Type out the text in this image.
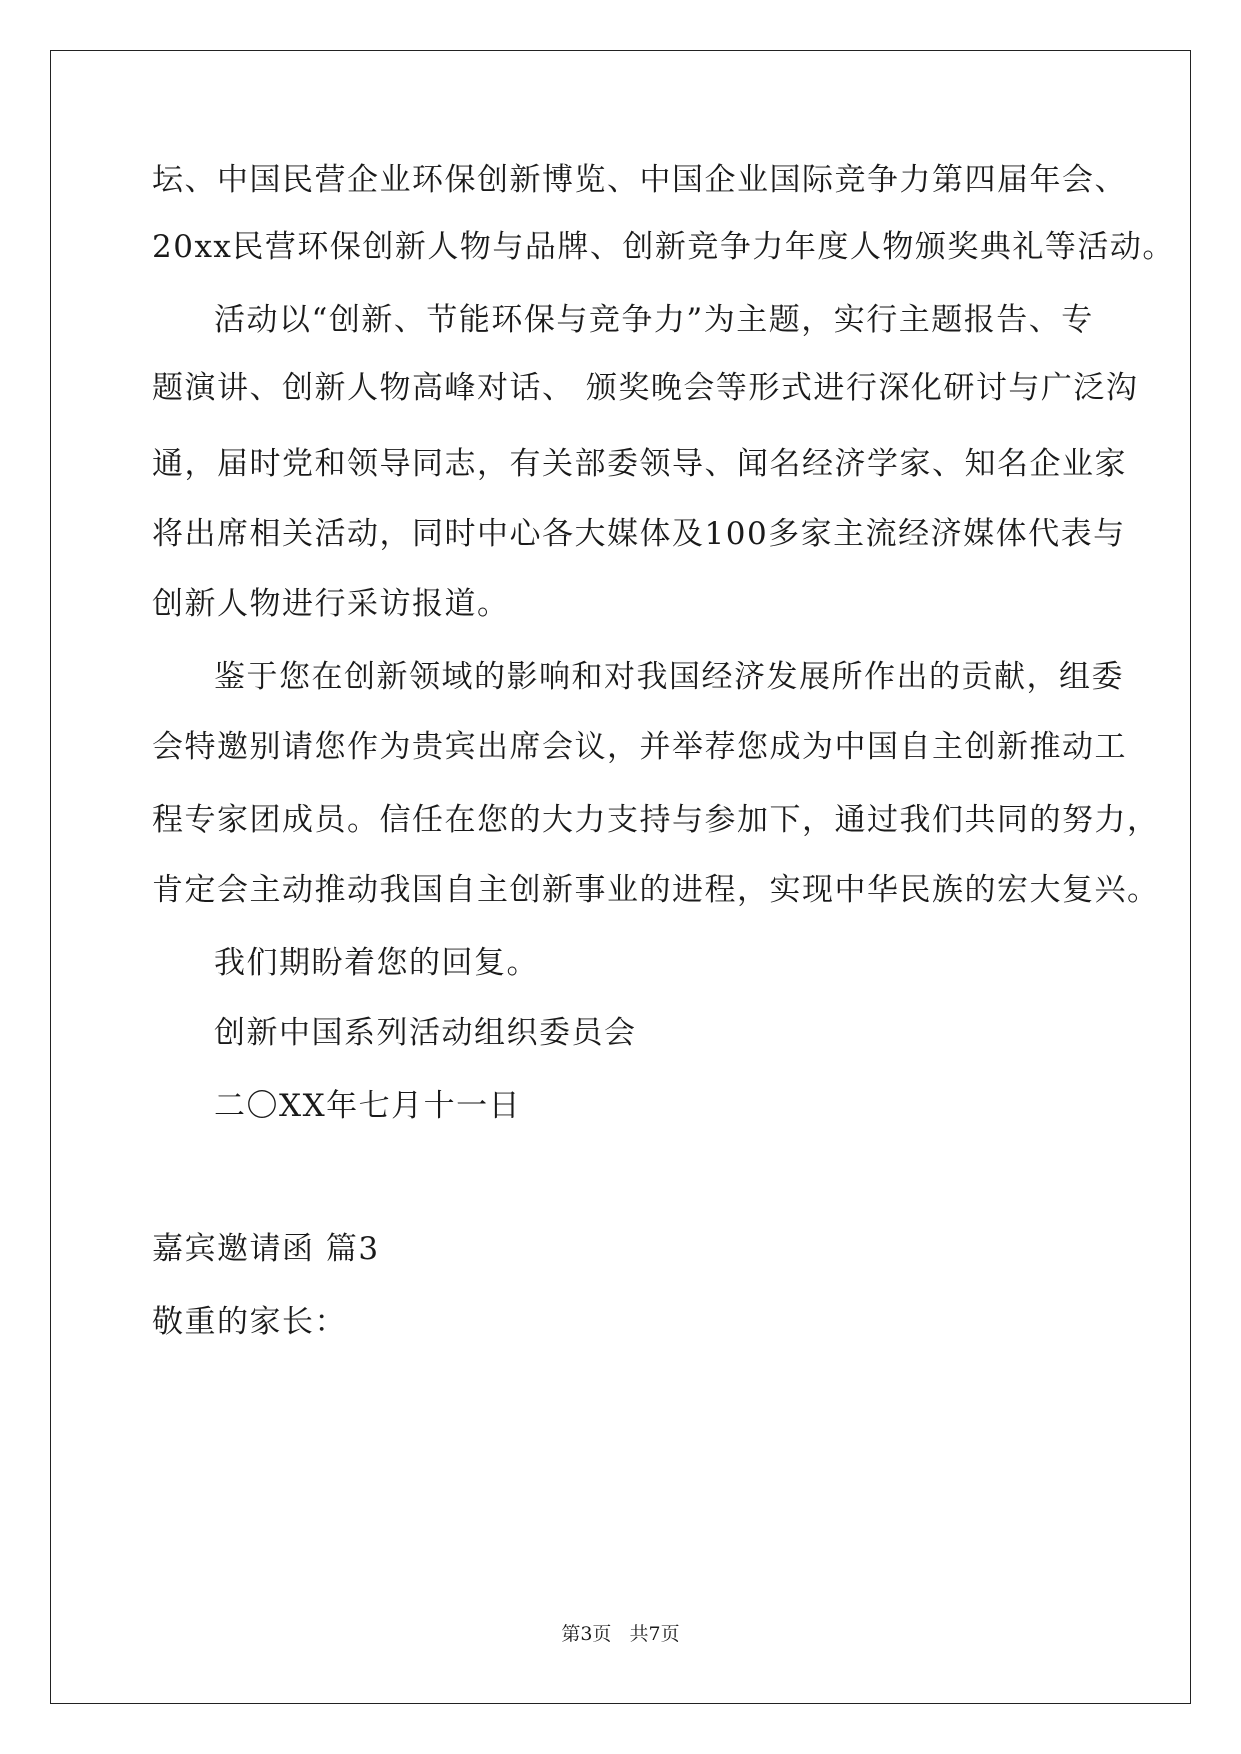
坛、中国民营企业环保创新博览、中国企业国际竞争力第四届年会、
20xx民营环保创新人物与品牌、创新竞争力年度人物颁奖典礼等活动。
活动以“创新、节能环保与竞争力”为主题，实行主题报告、专
题演讲、创新人物高峰对话、 颁奖晚会等形式进行深化研讨与广泛沟
通，届时党和领导同志，有关部委领导、闻名经济学家、知名企业家
将出席相关活动，同时中心各大媒体及100多家主流经济媒体代表与
创新人物进行采访报道。
鉴于您在创新领域的影响和对我国经济发展所作出的贡献，组委
会特邀别请您作为贵宾出席会议，并举荐您成为中国自主创新推动工
程专家团成员。信任在您的大力支持与参加下，通过我们共同的努力，
肯定会主动推动我国自主创新事业的进程，实现中华民族的宏大复兴。
我们期盼着您的回复。
创新中国系列活动组织委员会
二〇XX年七月十一日
嘉宾邀请函 篇3
敬重的家长：
第3页   共7页
